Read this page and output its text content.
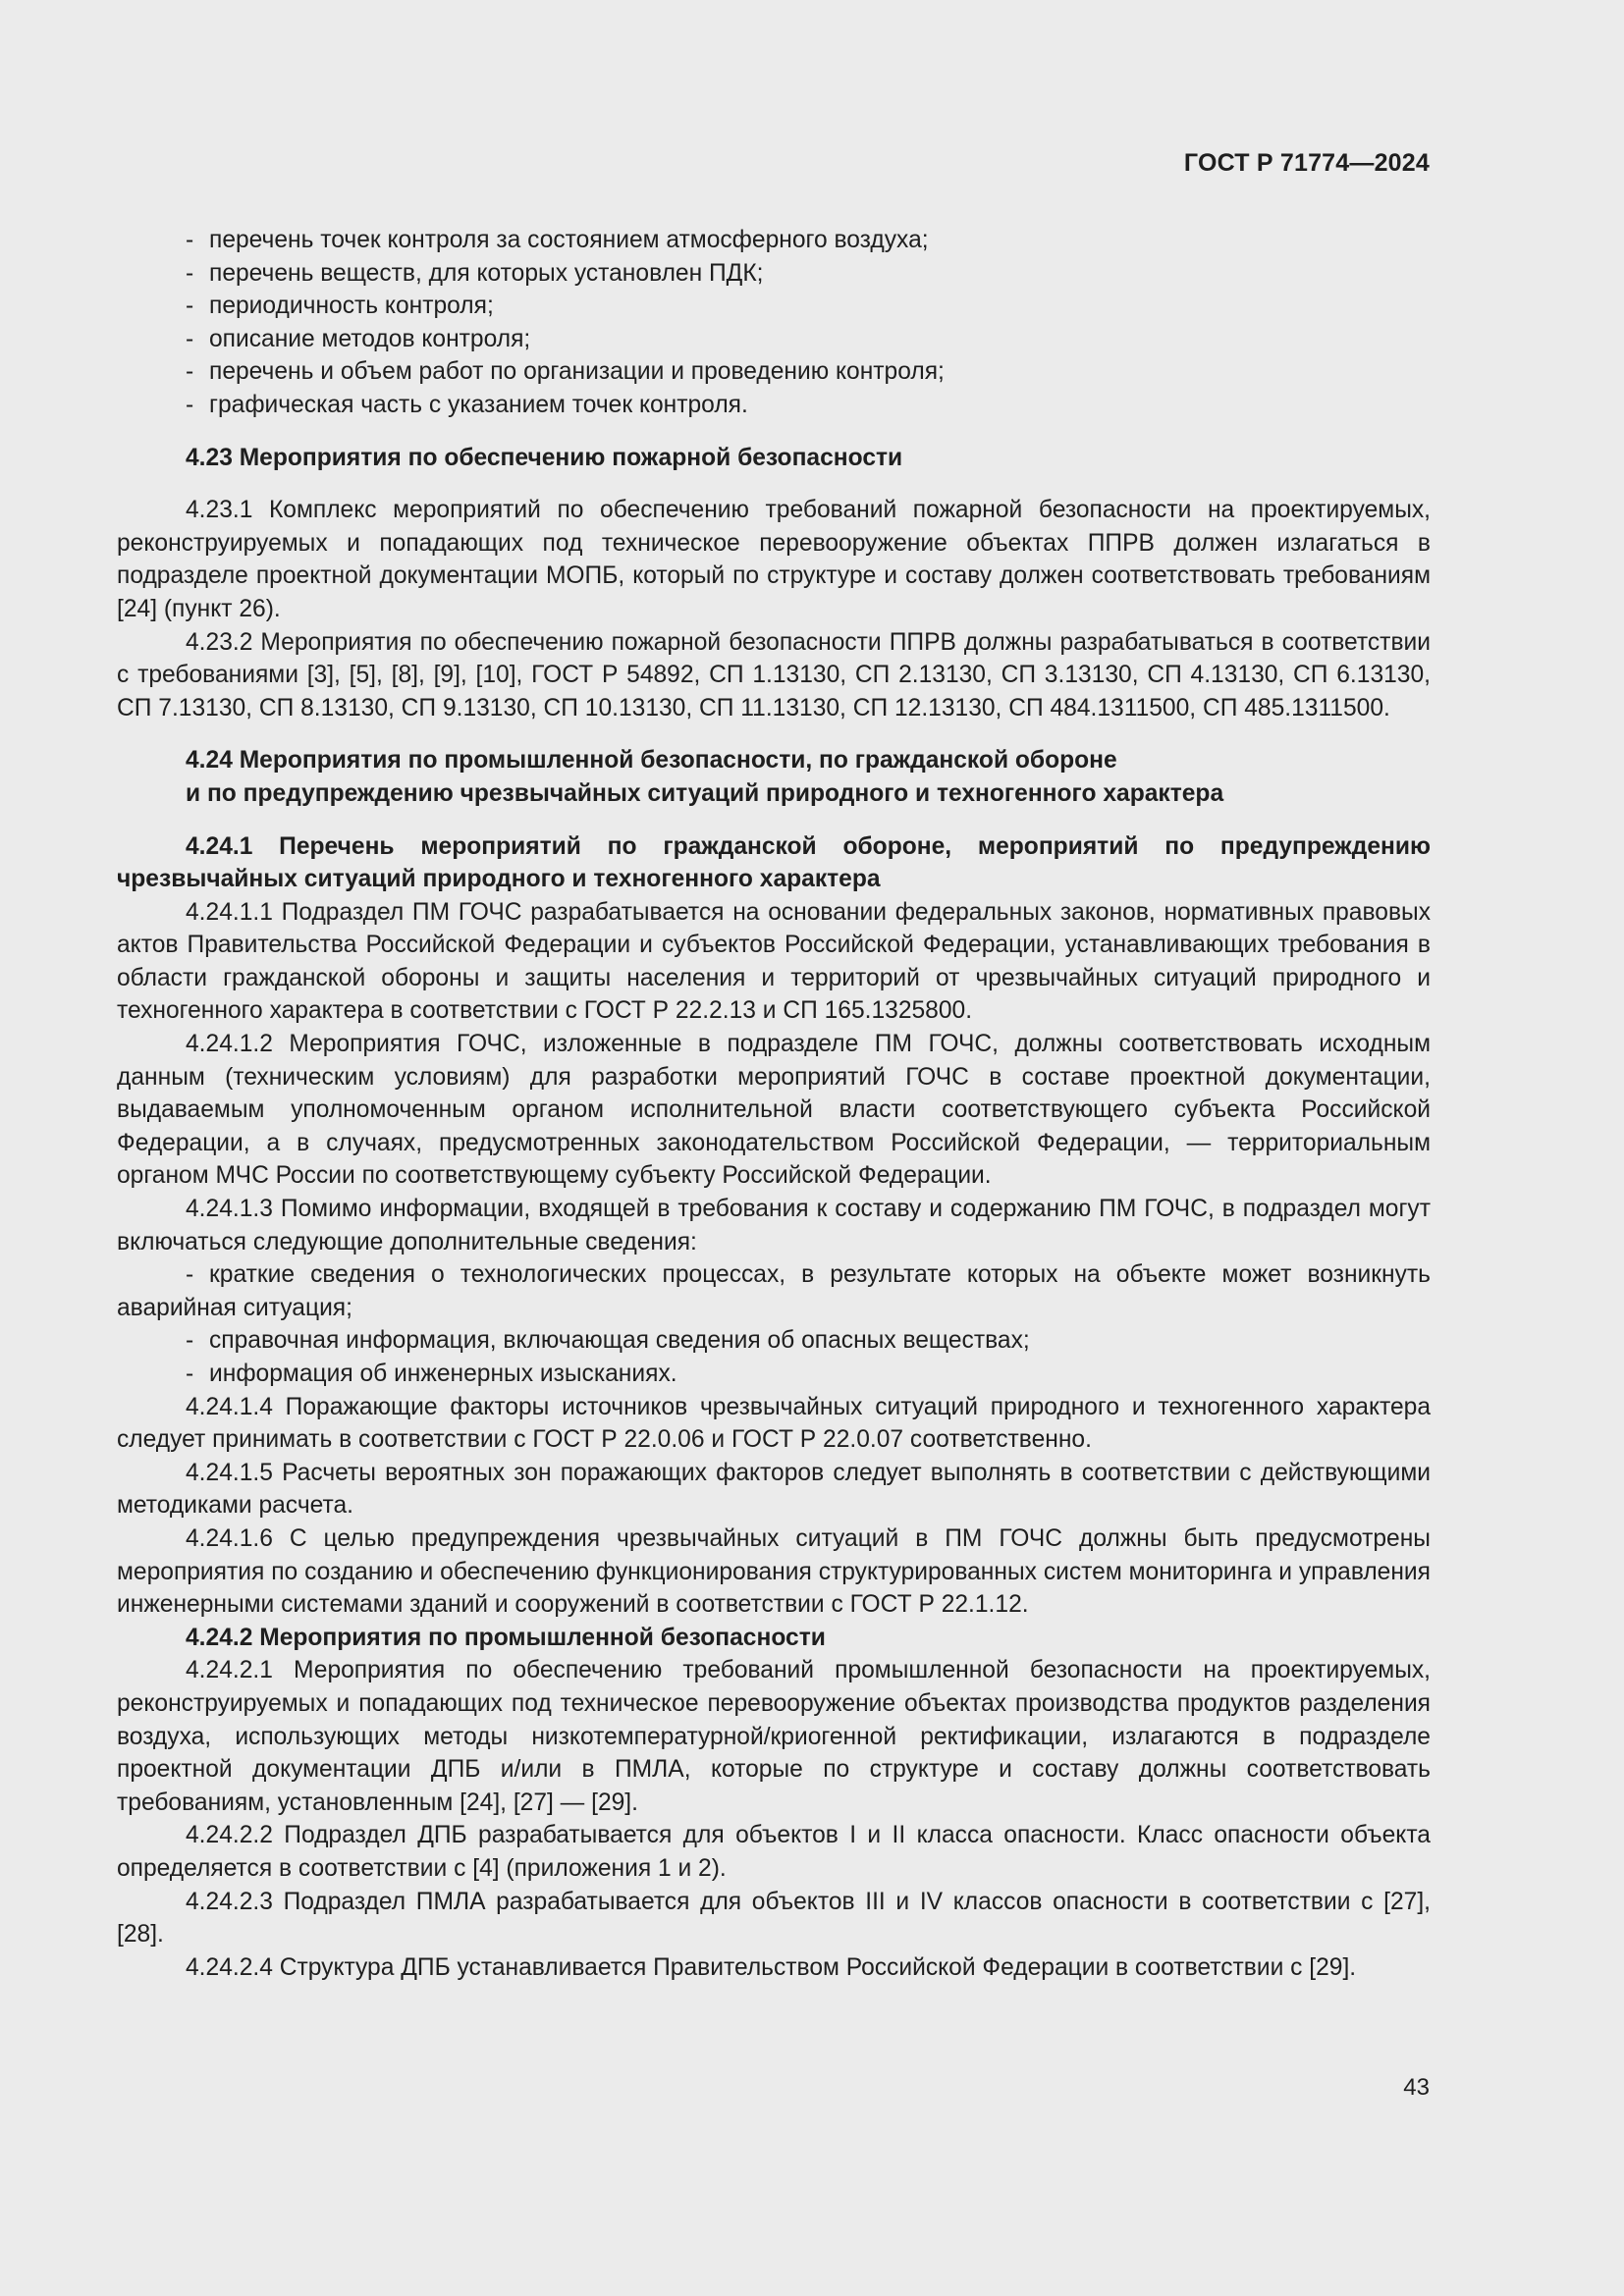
ГОСТ Р 71774—2024

- перечень точек контроля за состоянием атмосферного воздуха;

- перечень веществ, для которых установлен ПДК;

- периодичность контроля;

- описание методов контроля;

- перечень и объем работ по организации и проведению контроля;

- графическая часть с указанием точек контроля.

4.23 Мероприятия по обеспечению пожарной безопасности

4.23.1 Комплекс мероприятий по обеспечению требований пожарной безопасности на проектируемых, реконструируемых и попадающих под техническое перевооружение объектах ППРВ должен излагаться в подразделе проектной документации МОПБ, который по структуре и составу должен соответствовать требованиям [24] (пункт 26).

4.23.2 Мероприятия по обеспечению пожарной безопасности ППРВ должны разрабатываться в соответствии с требованиями [3], [5], [8], [9], [10], ГОСТ Р 54892, СП 1.13130, СП 2.13130, СП 3.13130, СП 4.13130, СП 6.13130, СП 7.13130, СП 8.13130, СП 9.13130, СП 10.13130, СП 11.13130, СП 12.13130, СП 484.1311500, СП 485.1311500.

4.24 Мероприятия по промышленной безопасности, по гражданской обороне

и по предупреждению чрезвычайных ситуаций природного и техногенного характера

4.24.1 Перечень мероприятий по гражданской обороне, мероприятий по предупреждению чрезвычайных ситуаций природного и техногенного характера

4.24.1.1 Подраздел ПМ ГОЧС разрабатывается на основании федеральных законов, нормативных правовых актов Правительства Российской Федерации и субъектов Российской Федерации, устанавливающих требования в области гражданской обороны и защиты населения и территорий от чрезвычайных ситуаций природного и техногенного характера в соответствии с ГОСТ Р 22.2.13 и СП 165.1325800.

4.24.1.2 Мероприятия ГОЧС, изложенные в подразделе ПМ ГОЧС, должны соответствовать исходным данным (техническим условиям) для разработки мероприятий ГОЧС в составе проектной документации, выдаваемым уполномоченным органом исполнительной власти соответствующего субъекта Российской Федерации, а в случаях, предусмотренных законодательством Российской Федерации, — территориальным органом МЧС России по соответствующему субъекту Российской Федерации.

4.24.1.3 Помимо информации, входящей в требования к составу и содержанию ПМ ГОЧС, в подраздел могут включаться следующие дополнительные сведения:

- краткие сведения о технологических процессах, в результате которых на объекте может возникнуть аварийная ситуация;

- справочная информация, включающая сведения об опасных веществах;

- информация об инженерных изысканиях.

4.24.1.4 Поражающие факторы источников чрезвычайных ситуаций природного и техногенного характера следует принимать в соответствии с ГОСТ Р 22.0.06 и ГОСТ Р 22.0.07 соответственно.

4.24.1.5 Расчеты вероятных зон поражающих факторов следует выполнять в соответствии с действующими методиками расчета.

4.24.1.6 С целью предупреждения чрезвычайных ситуаций в ПМ ГОЧС должны быть предусмотрены мероприятия по созданию и обеспечению функционирования структурированных систем мониторинга и управления инженерными системами зданий и сооружений в соответствии с ГОСТ Р 22.1.12.

4.24.2 Мероприятия по промышленной безопасности

4.24.2.1 Мероприятия по обеспечению требований промышленной безопасности на проектируемых, реконструируемых и попадающих под техническое перевооружение объектах производства продуктов разделения воздуха, использующих методы низкотемпературной/криогенной ректификации, излагаются в подразделе проектной документации ДПБ и/или в ПМЛА, которые по структуре и составу должны соответствовать требованиям, установленным [24], [27] — [29].

4.24.2.2 Подраздел ДПБ разрабатывается для объектов I и II класса опасности. Класс опасности объекта определяется в соответствии с [4] (приложения 1 и 2).

4.24.2.3 Подраздел ПМЛА разрабатывается для объектов III и IV классов опасности в соответствии с [27], [28].

4.24.2.4 Структура ДПБ устанавливается Правительством Российской Федерации в соответствии с [29].

43
